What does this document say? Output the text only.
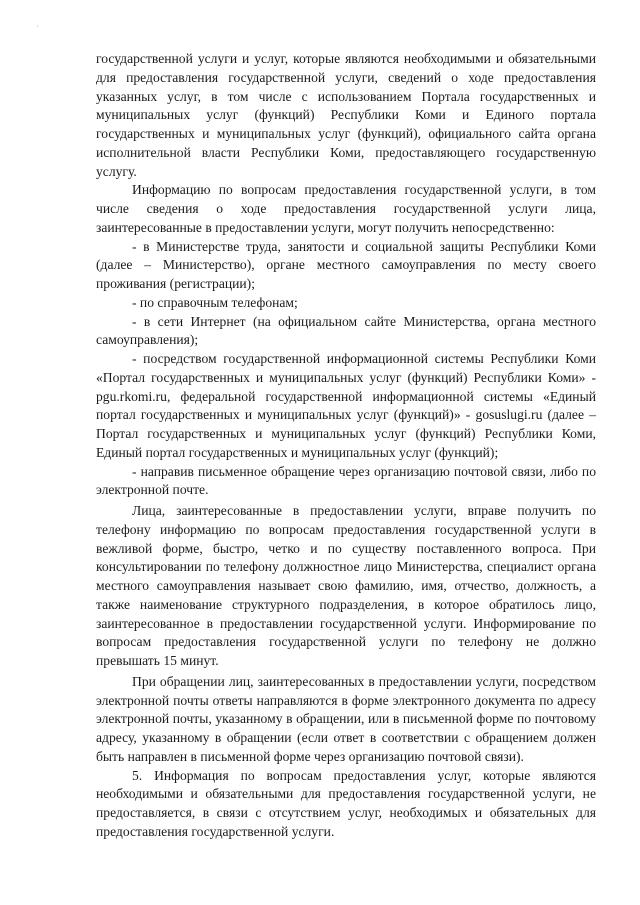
·

государственной услуги и услуг, которые являются необходимыми и обязательными для предоставления государственной услуги, сведений о ходе предоставления указанных услуг, в том числе с использованием Портала государственных и муниципальных услуг (функций) Республики Коми и Единого портала государственных и муниципальных услуг (функций), официального сайта органа исполнительной власти Республики Коми, предоставляющего государственную услугу.

Информацию по вопросам предоставления государственной услуги, в том числе сведения о ходе предоставления государственной услуги лица, заинтересованные в предоставлении услуги, могут получить непосредственно:

- в Министерстве труда, занятости и социальной защиты Республики Коми (далее – Министерство), органе местного самоуправления по месту своего проживания (регистрации);

- по справочным телефонам;

- в сети Интернет (на официальном сайте Министерства, органа местного самоуправления);

- посредством государственной информационной системы Республики Коми «Портал государственных и муниципальных услуг (функций) Республики Коми» - pgu.rkomi.ru, федеральной государственной информационной системы «Единый портал государственных и муниципальных услуг (функций)» - gosuslugi.ru (далее – Портал государственных и муниципальных услуг (функций) Республики Коми, Единый портал государственных и муниципальных услуг (функций);

- направив письменное обращение через организацию почтовой связи, либо по электронной почте.

Лица, заинтересованные в предоставлении услуги, вправе получить по телефону информацию по вопросам предоставления государственной услуги в вежливой форме, быстро, четко и по существу поставленного вопроса. При консультировании по телефону должностное лицо Министерства, специалист органа местного самоуправления называет свою фамилию, имя, отчество, должность, а также наименование структурного подразделения, в которое обратилось лицо, заинтересованное в предоставлении государственной услуги. Информирование по вопросам предоставления государственной услуги по телефону не должно превышать 15 минут.

При обращении лиц, заинтересованных в предоставлении услуги, посредством электронной почты ответы направляются в форме электронного документа по адресу электронной почты, указанному в обращении, или в письменной форме по почтовому адресу, указанному в обращении (если ответ в соответствии с обращением должен быть направлен в письменной форме через организацию почтовой связи).

5. Информация по вопросам предоставления услуг, которые являются необходимыми и обязательными для предоставления государственной услуги, не предоставляется, в связи с отсутствием услуг, необходимых и обязательных для предоставления государственной услуги.
